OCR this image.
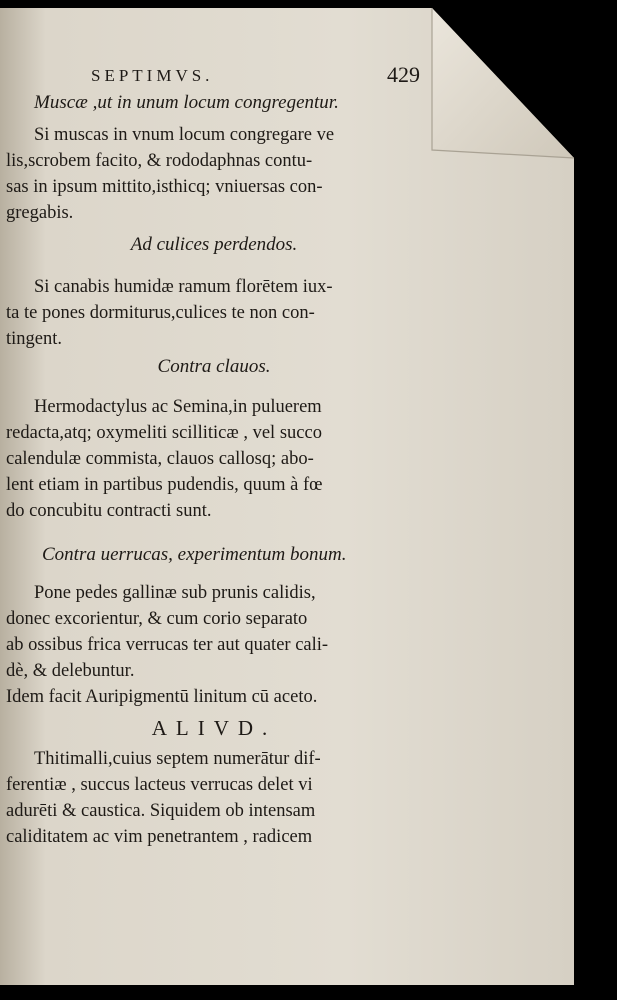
SEPTIMVS.	429

Muscæ ,ut in unum locum congregentur.

Si muscas in vnum locum congregare ve
lis,scrobem facito, & rododaphnas contu-
sas in ipsum mittito,isthicq; vniuersas con-
gregabis.

Ad culices perdendos.

Si canabis humidæ ramum florētem iux-
ta te pones dormiturus,culices te non con-
tingent.

Contra clauos.

Hermodactylus ac Semina,in puluerem
redacta,atq; oxymeliti scilliticæ , vel succo
calendulæ commista, clauos callosq; abo-
lent etiam in partibus pudendis, quum à fœ
do concubitu contracti sunt.

Contra uerrucas, experimentum bonum.

Pone pedes gallinæ sub prunis calidis,
donec excorientur, & cum corio separato
ab ossibus frica verrucas ter aut quater cali-
dè, & delebuntur.
Idem facit Auripigmentū linitum cū aceto.
ALIVD.
Thitimalli,cuius septem numerātur dif-
ferentiæ , succus lacteus verrucas delet vi
adurēti & caustica. Siquidem ob intensam
caliditatem ac vim penetrantem , radicem
